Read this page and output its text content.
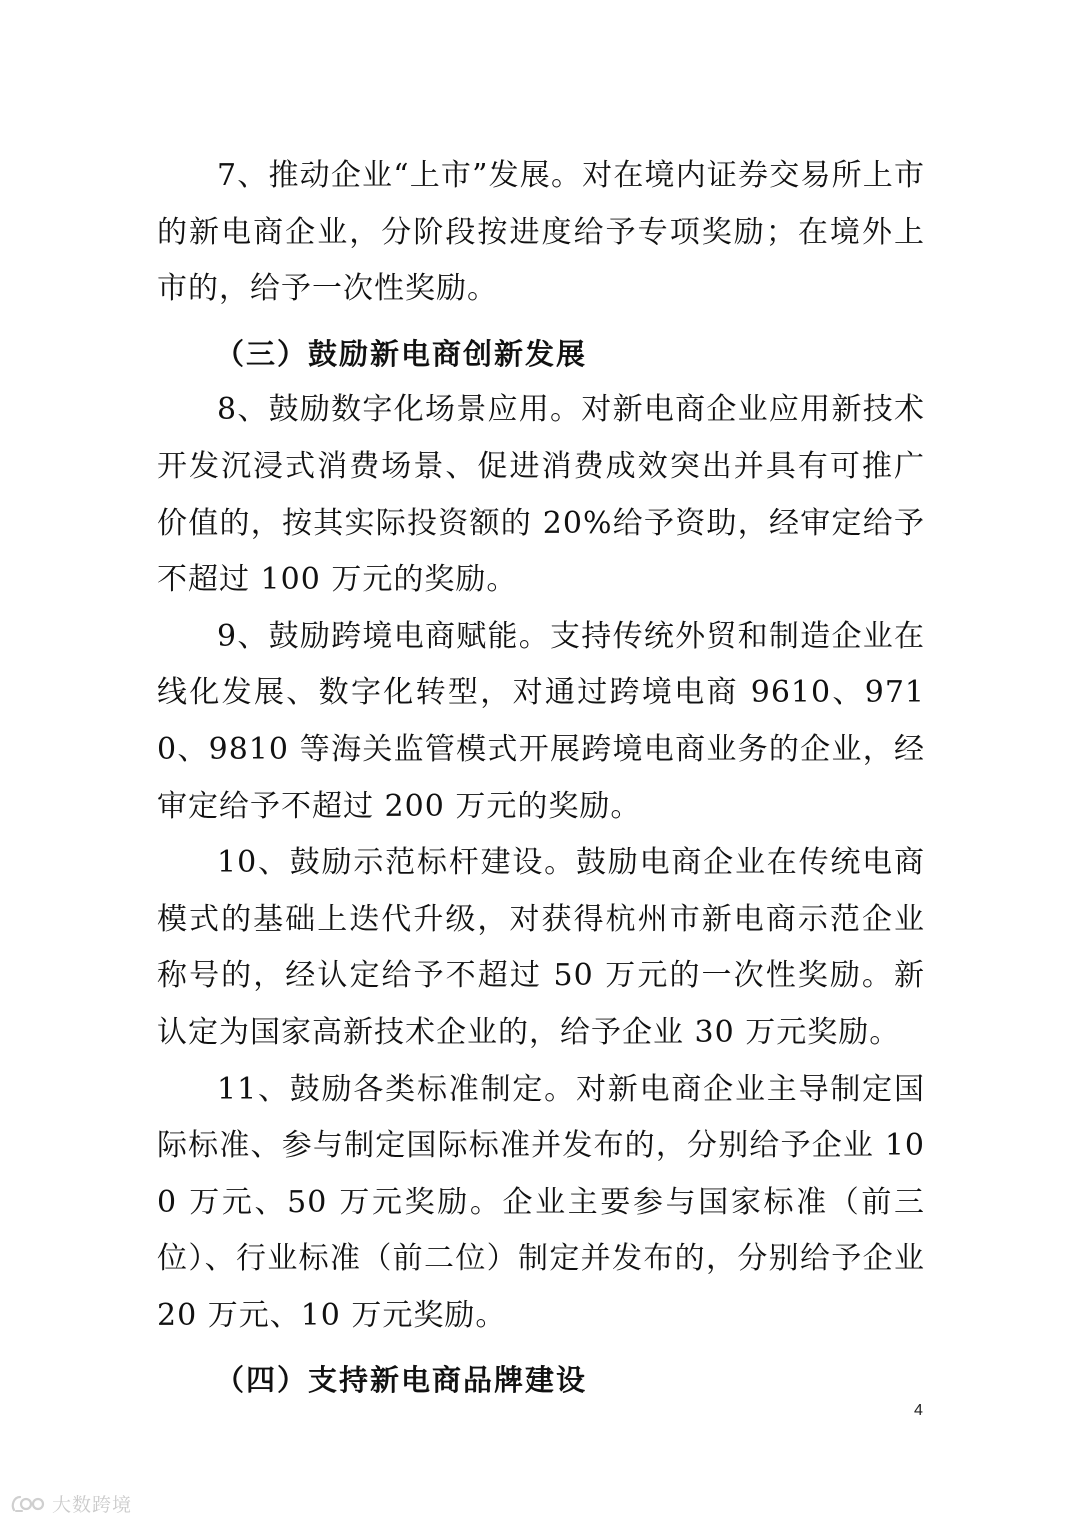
7、推动企业“上市”发展。对在境内证券交易所上市的新电商企业，分阶段按进度给予专项奖励；在境外上市的，给予一次性奖励。

（三）鼓励新电商创新发展

8、鼓励数字化场景应用。对新电商企业应用新技术开发沉浸式消费场景、促进消费成效突出并具有可推广价值的，按其实际投资额的 20%给予资助，经审定给予不超过 100 万元的奖励。

9、鼓励跨境电商赋能。支持传统外贸和制造企业在线化发展、数字化转型，对通过跨境电商 9610、9710、9810 等海关监管模式开展跨境电商业务的企业，经审定给予不超过 200 万元的奖励。

10、鼓励示范标杆建设。鼓励电商企业在传统电商模式的基础上迭代升级，对获得杭州市新电商示范企业称号的，经认定给予不超过 50 万元的一次性奖励。新认定为国家高新技术企业的，给予企业 30 万元奖励。

11、鼓励各类标准制定。对新电商企业主导制定国际标准、参与制定国际标准并发布的，分别给予企业 100 万元、50 万元奖励。企业主要参与国家标准（前三位）、行业标准（前二位）制定并发布的，分别给予企业 20 万元、10 万元奖励。

（四）支持新电商品牌建设

4
大数跨境
